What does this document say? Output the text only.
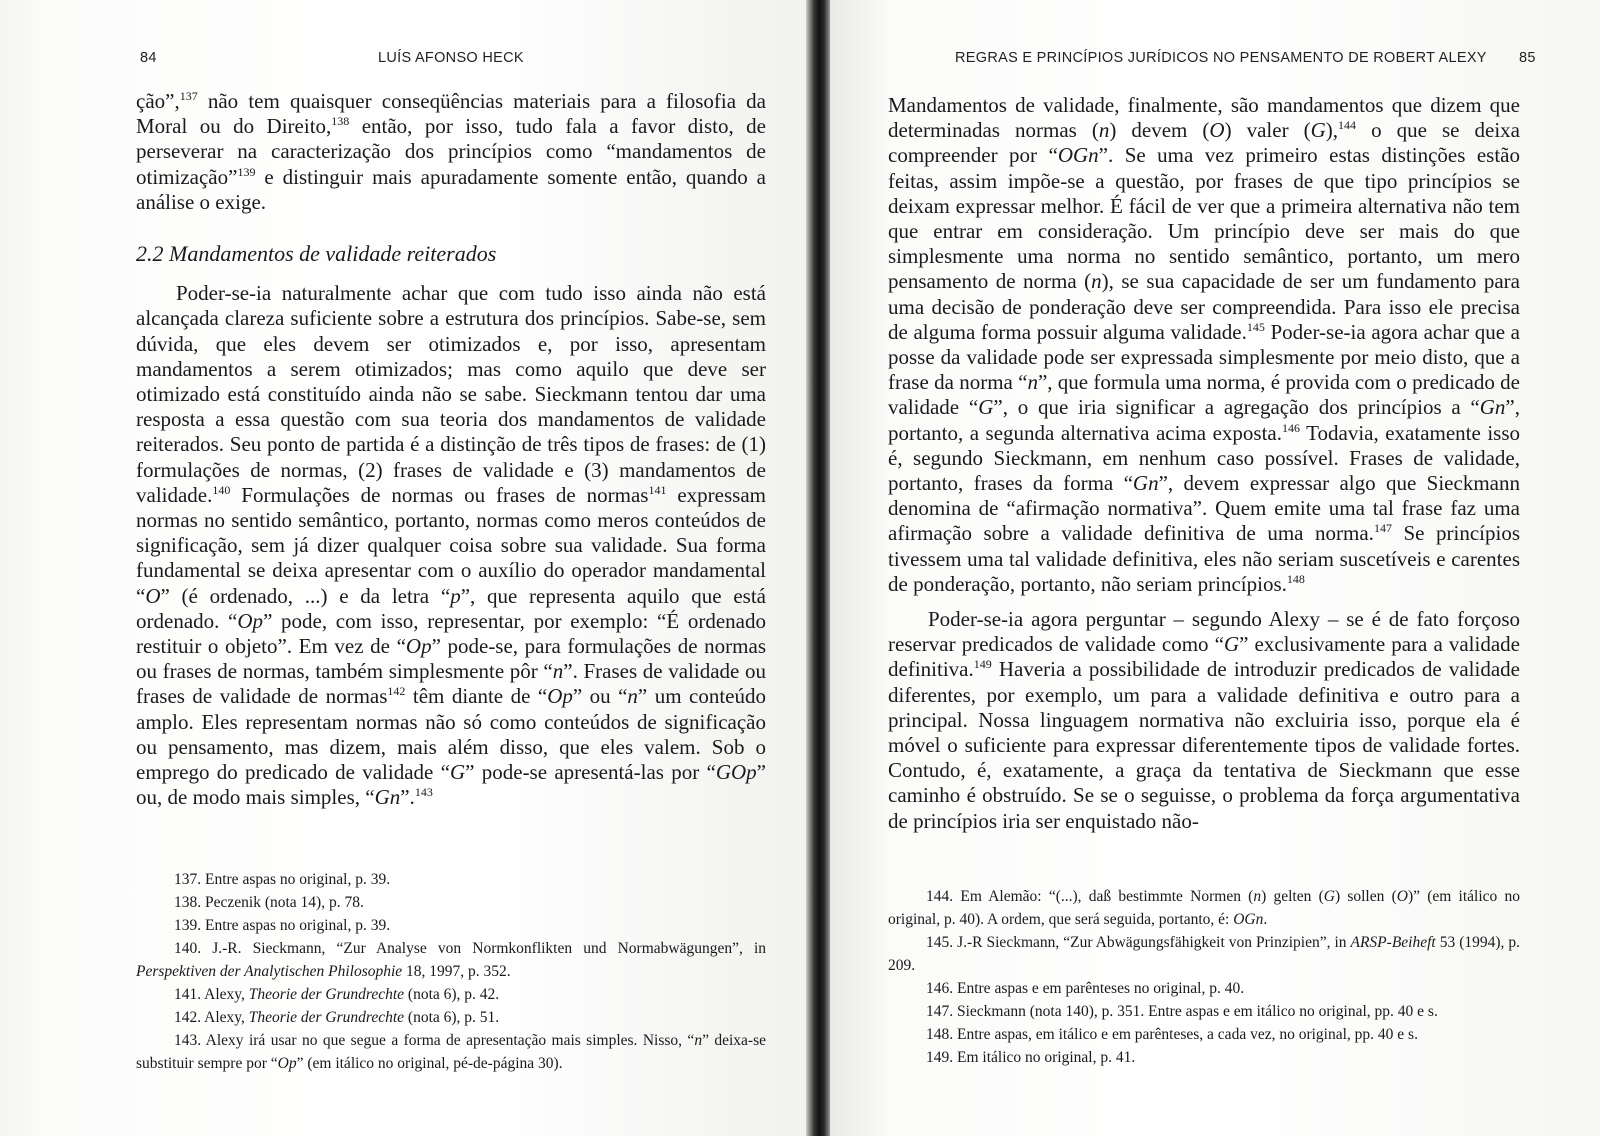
84	LUÍS AFONSO HECK

ção”,$^{137}$ não tem quaisquer conseqüências materiais para a filosofia da Moral ou do Direito,$^{138}$ então, por isso, tudo fala a favor disto, de perseverar na caracterização dos princípios como “mandamentos de otimização”$^{139}$ e distinguir mais apuradamente somente então, quando a análise o exige.

2.2 Mandamentos de validade reiterados

Poder-se-ia naturalmente achar que com tudo isso ainda não está alcançada clareza suficiente sobre a estrutura dos princípios. Sabe-se, sem dúvida, que eles devem ser otimizados e, por isso, apresentam mandamentos a serem otimizados; mas como aquilo que deve ser otimizado está constituído ainda não se sabe. Sieckmann tentou dar uma resposta a essa questão com sua teoria dos mandamentos de validade reiterados. Seu ponto de partida é a distinção de três tipos de frases: de (1) formulações de normas, (2) frases de validade e (3) mandamentos de validade.$^{140}$ Formulações de normas ou frases de normas$^{141}$ expressam normas no sentido semântico, portanto, normas como meros conteúdos de significação, sem já dizer qualquer coisa sobre sua validade. Sua forma fundamental se deixa apresentar com o auxílio do operador mandamental “O” (é ordenado, ...) e da letra “p”, que representa aquilo que está ordenado. “Op” pode, com isso, representar, por exemplo: “É ordenado restituir o objeto”. Em vez de “Op” pode-se, para formulações de normas ou frases de normas, também simplesmente pôr “n”. Frases de validade ou frases de validade de normas$^{142}$ têm diante de “Op” ou “n” um conteúdo amplo. Eles representam normas não só como conteúdos de significação ou pensamento, mas dizem, mais além disso, que eles valem. Sob o emprego do predicado de validade “G” pode-se apresentá-las por “GOp” ou, de modo mais simples, “Gn”.$^{143}$

137. Entre aspas no original, p. 39.

138. Peczenik (nota 14), p. 78.

139. Entre aspas no original, p. 39.

140. J.-R. Sieckmann, “Zur Analyse von Normkonflikten und Normabwägungen”, in Perspektiven der Analytischen Philosophie 18, 1997, p. 352.

141. Alexy, Theorie der Grundrechte (nota 6), p. 42.

142. Alexy, Theorie der Grundrechte (nota 6), p. 51.

143. Alexy irá usar no que segue a forma de apresentação mais simples. Nisso, “n” deixa-se substituir sempre por “Op” (em itálico no original, pé-de-página 30).

REGRAS E PRINCÍPIOS JURÍDICOS NO PENSAMENTO DE ROBERT ALEXY 85

Mandamentos de validade, finalmente, são mandamentos que dizem que determinadas normas (n) devem (O) valer (G),$^{144}$ o que se deixa compreender por “OGn”. Se uma vez primeiro estas distinções estão feitas, assim impõe-se a questão, por frases de que tipo princípios se deixam expressar melhor. É fácil de ver que a primeira alternativa não tem que entrar em consideração. Um princípio deve ser mais do que simplesmente uma norma no sentido semântico, portanto, um mero pensamento de norma (n), se sua capacidade de ser um fundamento para uma decisão de ponderação deve ser compreendida. Para isso ele precisa de alguma forma possuir alguma validade.$^{145}$ Poder-se-ia agora achar que a posse da validade pode ser expressada simplesmente por meio disto, que a frase da norma “n”, que formula uma norma, é provida com o predicado de validade “G”, o que iria significar a agregação dos princípios a “Gn”, portanto, a segunda alternativa acima exposta.$^{146}$ Todavia, exatamente isso é, segundo Sieckmann, em nenhum caso possível. Frases de validade, portanto, frases da forma “Gn”, devem expressar algo que Sieckmann denomina de “afirmação normativa”. Quem emite uma tal frase faz uma afirmação sobre a validade definitiva de uma norma.$^{147}$ Se princípios tivessem uma tal validade definitiva, eles não seriam suscetíveis e carentes de ponderação, portanto, não seriam princípios.$^{148}$

Poder-se-ia agora perguntar – segundo Alexy – se é de fato forçoso reservar predicados de validade como “G” exclusivamente para a validade definitiva.$^{149}$ Haveria a possibilidade de introduzir predicados de validade diferentes, por exemplo, um para a validade definitiva e outro para a principal. Nossa linguagem normativa não excluiria isso, porque ela é móvel o suficiente para expressar diferentemente tipos de validade fortes. Contudo, é, exatamente, a graça da tentativa de Sieckmann que esse caminho é obstruído. Se se o seguisse, o problema da força argumentativa de princípios iria ser enquistado não-

144. Em Alemão: “(...), daß bestimmte Normen (n) gelten (G) sollen (O)” (em itálico no original, p. 40). A ordem, que será seguida, portanto, é: OGn.

145. J.-R Sieckmann, “Zur Abwägungsfähigkeit von Prinzipien”, in ARSP-Beiheft 53 (1994), p. 209.

146. Entre aspas e em parênteses no original, p. 40.

147. Sieckmann (nota 140), p. 351. Entre aspas e em itálico no original, pp. 40 e s.

148. Entre aspas, em itálico e em parênteses, a cada vez, no original, pp. 40 e s.

149. Em itálico no original, p. 41.
